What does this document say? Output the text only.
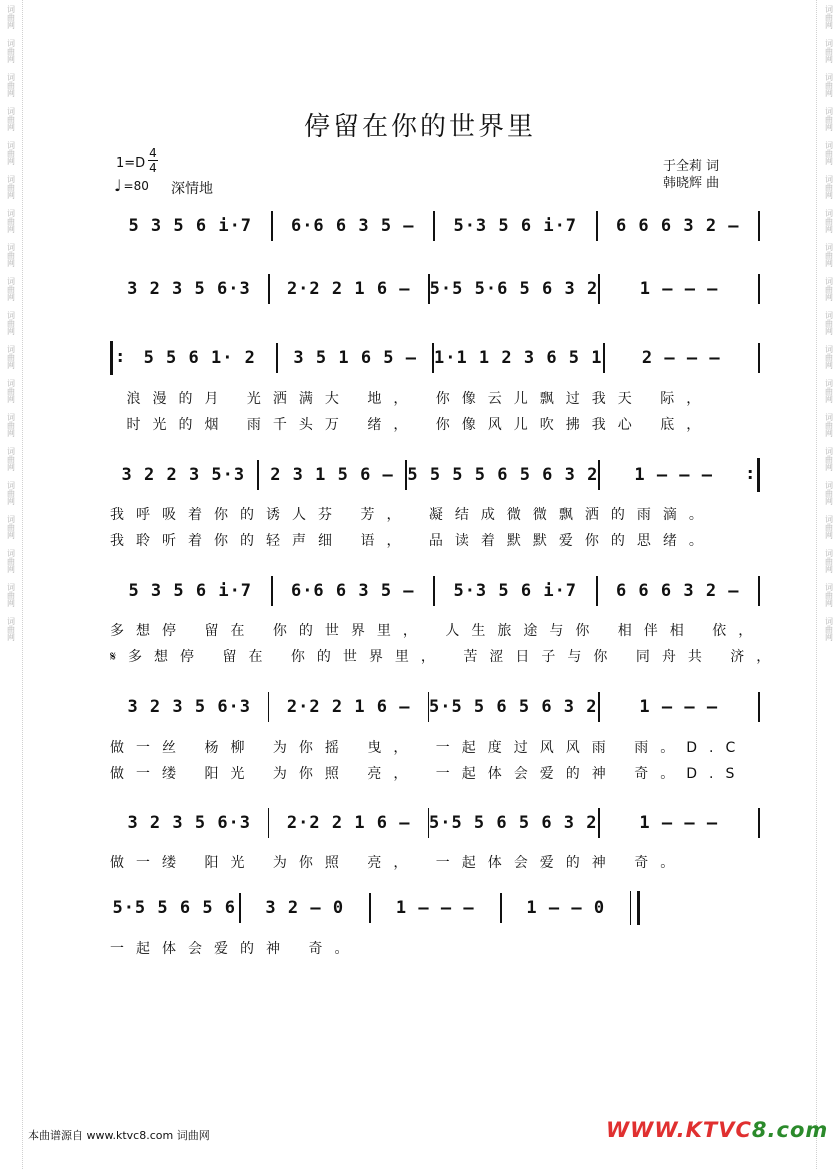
词曲网
词曲网
词曲网
词曲网
词曲网
词曲网
词曲网
词曲网
词曲网
词曲网
词曲网
词曲网
词曲网
词曲网
词曲网
词曲网
词曲网
词曲网
词曲网
词曲网
词曲网
词曲网
词曲网
词曲网
词曲网
词曲网
词曲网
词曲网
词曲网
词曲网
词曲网
词曲网
词曲网
词曲网
词曲网
词曲网
词曲网
词曲网
停留在你的世界里
1=D
4
4
♩ =80 深情地
于全莉 词
韩晓辉 曲
5 3 5 6 i·7	6·6 6 3 5 –	5·3 5 6 i·7	6 6 6 3 2 –
3 2 3 5 6·3	2·2 2 1 6 –	5·5 5·6 5 6 3 2	1 – – –
:
5 5 6 1· 2	3 5 1 6 5 – 1·1 1 2 3 6 5 1	2 – – –
浪漫的月 光洒满大 地， 你像云儿飘过我天 际，
时光的烟 雨千头万 绪， 你像风儿吹拂我心 底，
3 2 2 3 5·3	2 3 1 5 6 – 5 5 5 5 6 5 6 3 2	1 – – –
:
我呼吸着你的诱人芬 芳， 凝结成微微飘洒的雨滴。
我聆听着你的轻声细 语， 品读着默默爱你的思绪。
5 3 5 6 i·7	6·6 6 3 5 –	5·3 5 6 i·7	6 6 6 3 2 –
多想停 留在 你的世界里， 人生旅途与你 相伴相 依，
𝄋多想停 留在 你的世界里， 苦涩日子与你 同舟共 济，
3 2 3 5 6·3	2·2 2 1 6 –	5·5 5 6 5 6 3 2	1 – – –
做一丝 杨柳 为你摇 曳， 一起度过风风雨 雨。D.C
做一缕 阳光 为你照 亮， 一起体会爱的神 奇。D.S
3 2 3 5 6·3	2·2 2 1 6 –	5·5 5 6 5 6 3 2	1 – – –
做一缕 阳光 为你照 亮， 一起体会爱的神 奇。
5·5 5 6 5 6	3 2 – 0	1 – – –	1 – – 0
一起体会爱的神 奇。
本曲谱源自 www.ktvc8.com 词曲网	WWW.KTVC8.com
